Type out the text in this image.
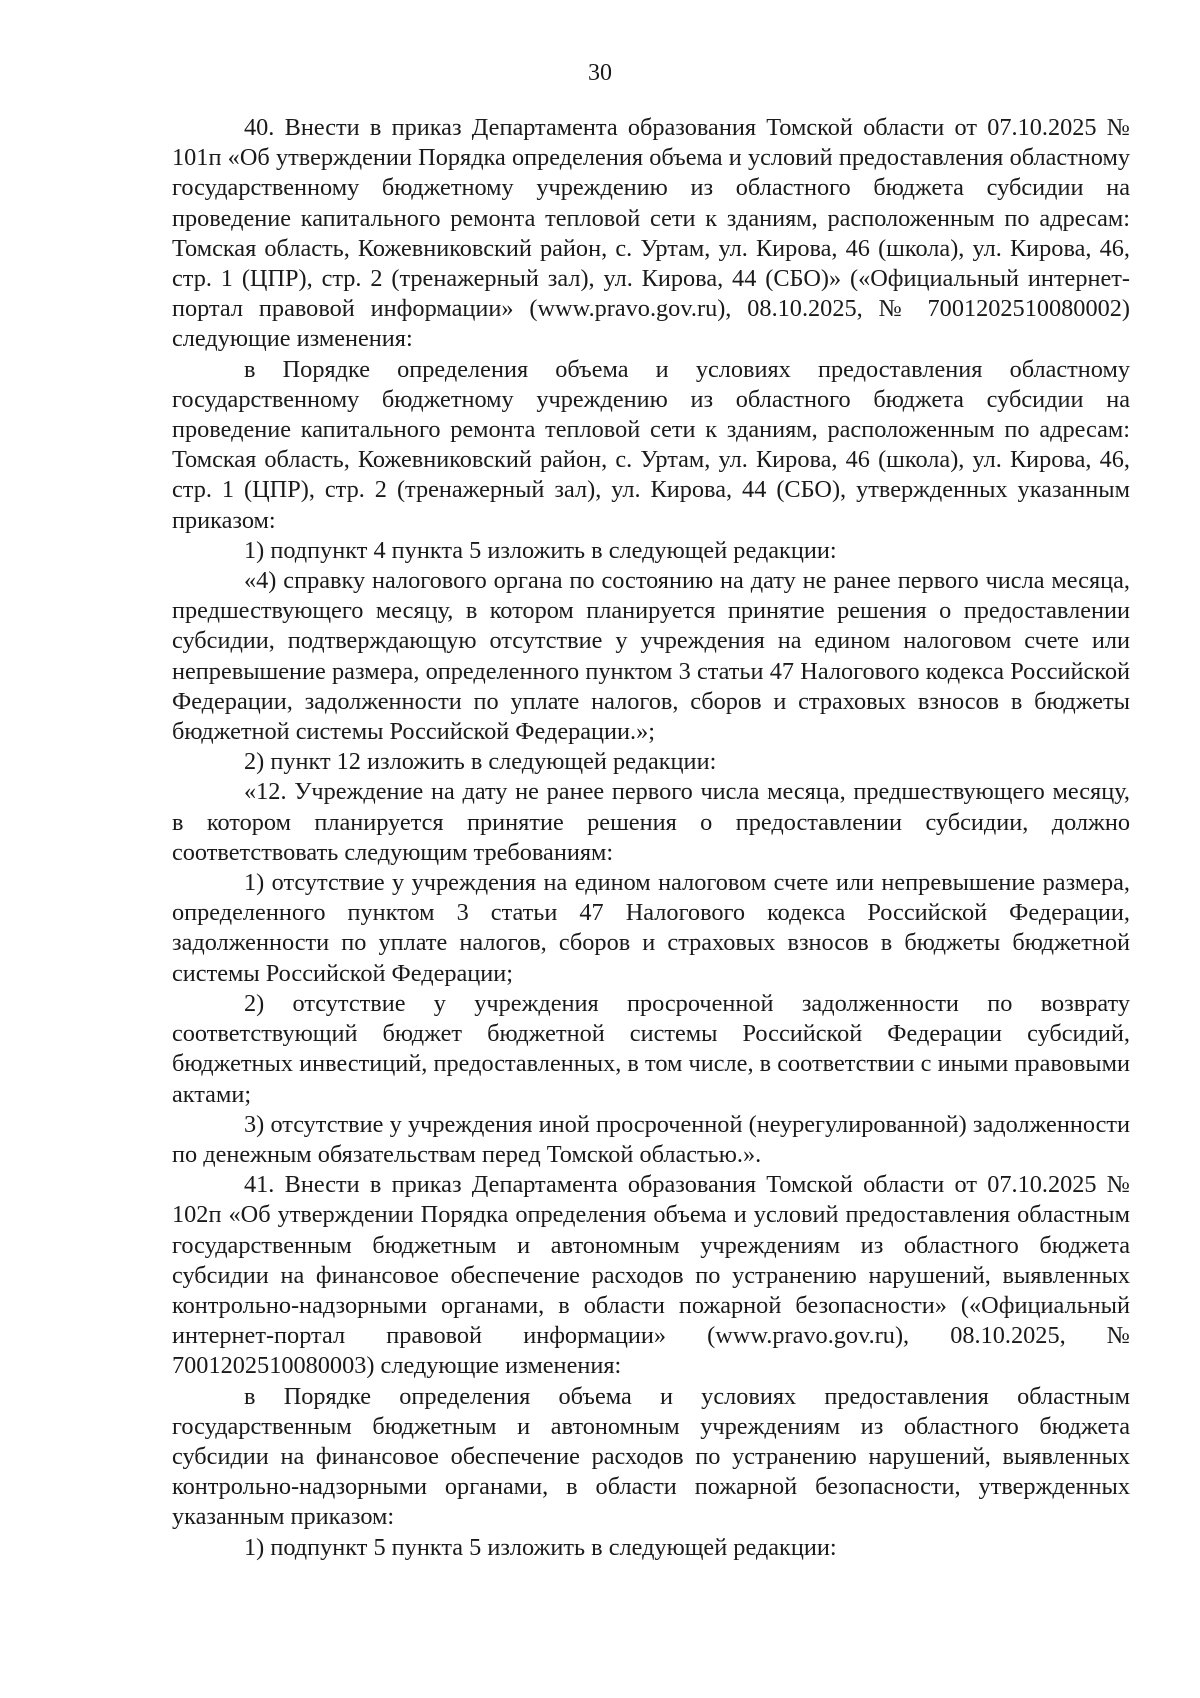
30

40. Внести в приказ Департамента образования Томской области от 07.10.2025 № 101п «Об утверждении Порядка определения объема и условий предоставления областному государственному бюджетному учреждению из областного бюджета субсидии на проведение капитального ремонта тепловой сети к зданиям, расположенным по адресам: Томская область, Кожевниковский район, с. Уртам, ул. Кирова, 46 (школа), ул. Кирова, 46, стр. 1 (ЦПР), стр. 2 (тренажерный зал), ул. Кирова, 44 (СБО)» («Официальный интернет-портал правовой информации» (www.pravo.gov.ru), 08.10.2025, № 7001202510080002) следующие изменения:

в Порядке определения объема и условиях предоставления областному государственному бюджетному учреждению из областного бюджета субсидии на проведение капитального ремонта тепловой сети к зданиям, расположенным по адресам: Томская область, Кожевниковский район, с. Уртам, ул. Кирова, 46 (школа), ул. Кирова, 46, стр. 1 (ЦПР), стр. 2 (тренажерный зал), ул. Кирова, 44 (СБО), утвержденных указанным приказом:

1) подпункт 4 пункта 5 изложить в следующей редакции:

«4) справку налогового органа по состоянию на дату не ранее первого числа месяца, предшествующего месяцу, в котором планируется принятие решения о предоставлении субсидии, подтверждающую отсутствие у учреждения на едином налоговом счете или непревышение размера, определенного пунктом 3 статьи 47 Налогового кодекса Российской Федерации, задолженности по уплате налогов, сборов и страховых взносов в бюджеты бюджетной системы Российской Федерации.»;

2) пункт 12 изложить в следующей редакции:

«12. Учреждение на дату не ранее первого числа месяца, предшествующего месяцу, в котором планируется принятие решения о предоставлении субсидии, должно соответствовать следующим требованиям:

1) отсутствие у учреждения на едином налоговом счете или непревышение размера, определенного пунктом 3 статьи 47 Налогового кодекса Российской Федерации, задолженности по уплате налогов, сборов и страховых взносов в бюджеты бюджетной системы Российской Федерации;

2) отсутствие у учреждения просроченной задолженности по возврату соответствующий бюджет бюджетной системы Российской Федерации субсидий, бюджетных инвестиций, предоставленных, в том числе, в соответствии с иными правовыми актами;

3) отсутствие у учреждения иной просроченной (неурегулированной) задолженности по денежным обязательствам перед Томской областью.».

41. Внести в приказ Департамента образования Томской области от 07.10.2025 № 102п «Об утверждении Порядка определения объема и условий предоставления областным государственным бюджетным и автономным учреждениям из областного бюджета субсидии на финансовое обеспечение расходов по устранению нарушений, выявленных контрольно-надзорными органами, в области пожарной безопасности» («Официальный интернет-портал правовой информации» (www.pravo.gov.ru), 08.10.2025, № 7001202510080003) следующие изменения:

в Порядке определения объема и условиях предоставления областным государственным бюджетным и автономным учреждениям из областного бюджета субсидии на финансовое обеспечение расходов по устранению нарушений, выявленных контрольно-надзорными органами, в области пожарной безопасности, утвержденных указанным приказом:

1) подпункт 5 пункта 5 изложить в следующей редакции:
